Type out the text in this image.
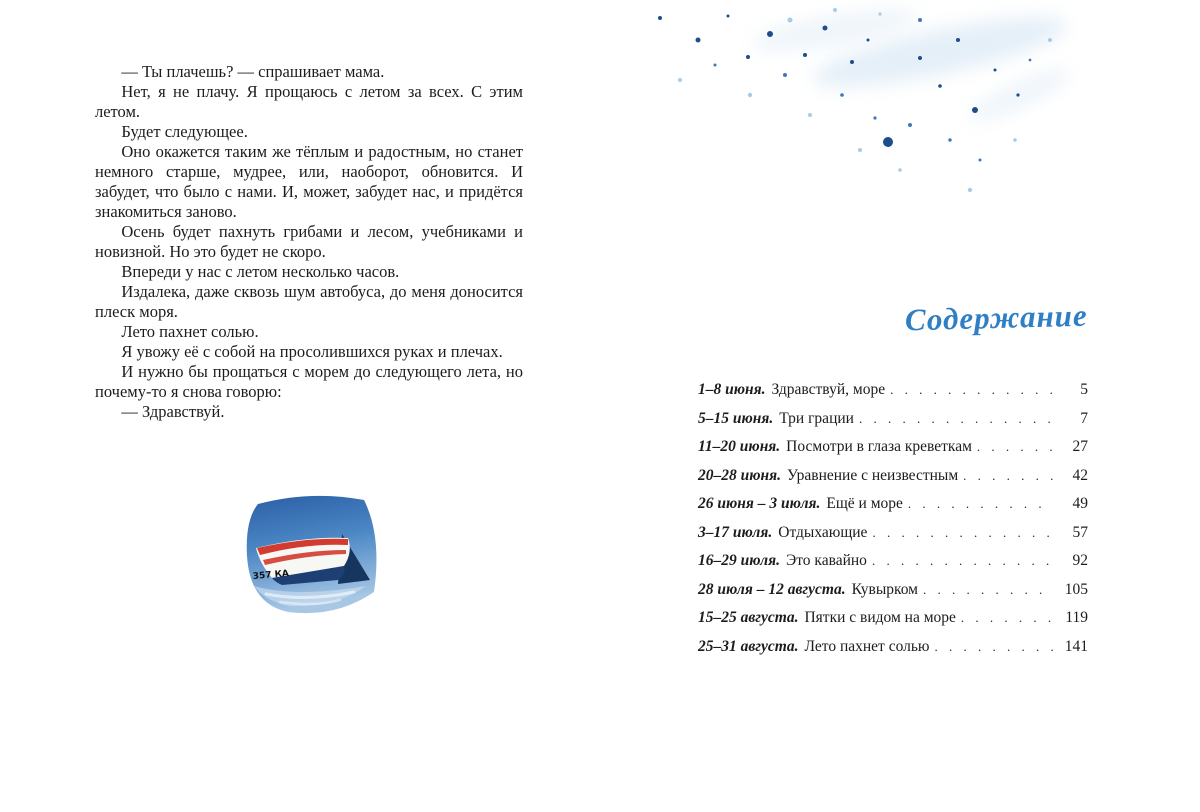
— Ты плачешь? — спрашивает мама.

Нет, я не плачу. Я прощаюсь с летом за всех. С этим летом.

Будет следующее.

Оно окажется таким же тёплым и радостным, но станет немного старше, мудрее, или, наоборот, обновится. И забудет, что было с нами. И, может, забудет нас, и придётся знакомиться заново.

Осень будет пахнуть грибами и лесом, учебниками и новизной. Но это будет не скоро.

Впереди у нас с летом несколько часов.

Издалека, даже сквозь шум автобуса, до меня доносится плеск моря.

Лето пахнет солью.

Я увожу её с собой на просолившихся руках и плечах.

И нужно бы прощаться с морем до следующего лета, но почему-то я снова говорю:

— Здравствуй.

357 КА
Содержание
1–8 июня. Здравствуй, море . . .	5
5–15 июня. Три грации . . .	7
11–20 июня. Посмотри в глаза креветкам . . .	27
20–28 июня. Уравнение с неизвестным . . .	42
26 июня – 3 июля. Ещё и море . . .	49
3–17 июля. Отдыхающие . . .	57
16–29 июля. Это кавайно . . .	92
28 июля – 12 августа. Кувырком . . .	105
15–25 августа. Пятки с видом на море . . .	119
25–31 августа. Лето пахнет солью . . .	141
